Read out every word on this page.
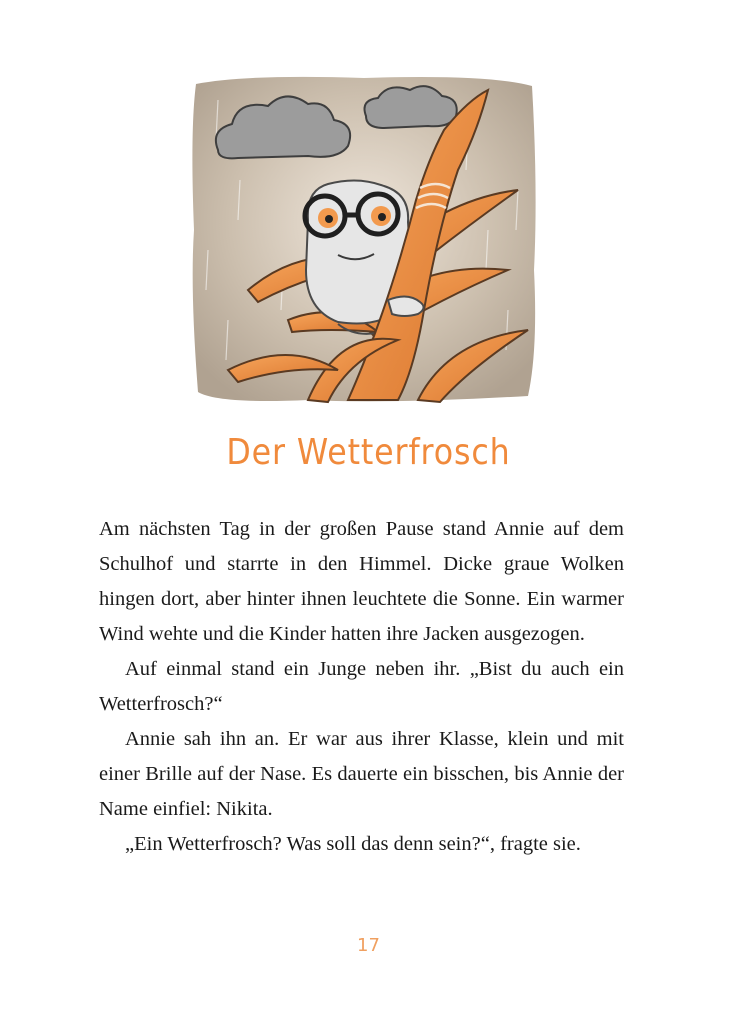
Der Wetterfrosch

Am nächsten Tag in der großen Pause stand Annie auf dem Schulhof und starrte in den Himmel. Dicke graue Wolken hingen dort, aber hinter ihnen leuchtete die Sonne. Ein warmer Wind wehte und die Kinder hatten ihre Jacken ausgezogen.

Auf einmal stand ein Junge neben ihr. „Bist du auch ein Wetterfrosch?“

Annie sah ihn an. Er war aus ihrer Klasse, klein und mit einer Brille auf der Nase. Es dauerte ein bisschen, bis Annie der Name einfiel: Nikita.

„Ein Wetterfrosch? Was soll das denn sein?“, fragte sie.

17
